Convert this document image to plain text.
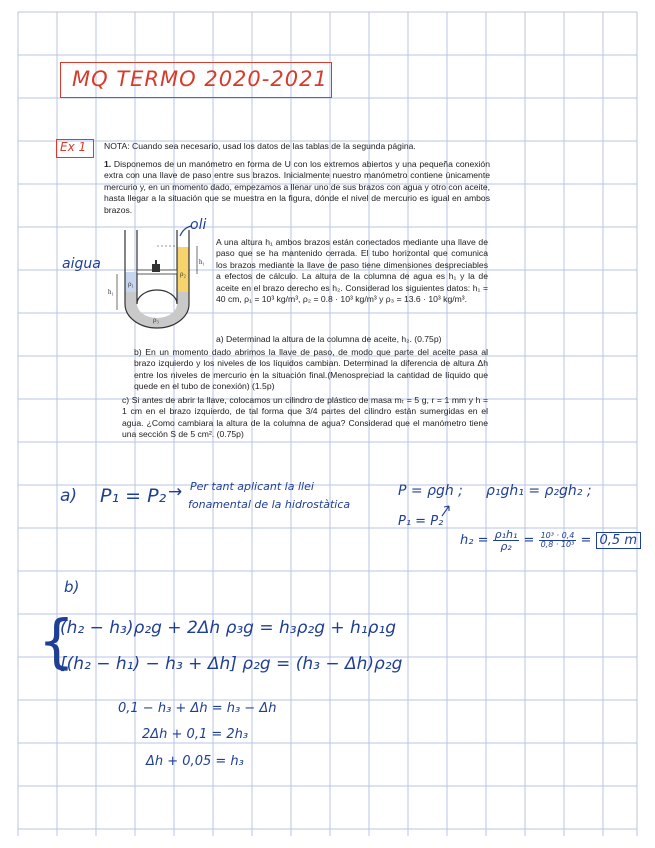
MQ TERMO 2020-2021
Ex 1 NOTA: Cuando sea necesario, usad los datos de las tablas de la segunda página.
1. Disponemos de un manómetro en forma de U con los extremos abiertos y una pequeña conexión extra con una llave de paso entre sus brazos. Inicialmente nuestro manómetro contiene únicamente mercurio y, en un momento dado, empezamos a llenar uno de sus brazos con agua y otro con aceite, hasta llegar a la situación que se muestra en la figura, dónde el nivel de mercurio es igual en ambos brazos.
ρ₁
ρ₂
ρ₃
h₁
h₁
oli
aigua
A una altura h₁ ambos brazos están conectados mediante una llave de paso que se ha mantenido cerrada. El tubo horizontal que comunica los brazos mediante la llave de paso tiene dimensiones despreciables a efectos de cálculo. La altura de la columna de agua es h₁ y la de aceite en el brazo derecho es h₂. Considerad los siguientes datos: h₁ = 40 cm, ρ₁ = 10³ kg/m³, ρ₂ = 0.8 · 10³ kg/m³ y ρ₃ = 13.6 · 10³ kg/m³.
a) Determinad la altura de la columna de aceite, h₂. (0.75p)
b) En un momento dado abrimos la llave de paso, de modo que parte del aceite pasa al brazo izquierdo y los niveles de los líquidos cambian. Determinad la diferencia de altura Δh entre los niveles de mercurio en la situación final.(Menospreciad la cantidad de líquido que quede en el tubo de conexión) (1.5p)
c) Si antes de abrir la llave, colocamos un cilindro de plástico de masa mₜ = 5 g, r = 1 mm y h = 1 cm en el brazo izquierdo, de tal forma que 3/4 partes del cilindro están sumergidas en el agua. ¿Como cambiara la altura de la columna de agua? Considerad que el manómetro tiene una sección S de 5 cm². (0.75p)
a) P₁ = P₂ → Per tant aplicant la llei
fonamental de la hidrostàtica
P = ρgh ; ρ₁gh₁ = ρ₂gh₂ ;
P₁ = P₂
$h_2 = \frac{\text{ρ₁h₁}}{\text{ρ₂}} = \frac{\text{10³ · 0,4}}{\text{0,8 · 10³}} = 0,5$ m
b)
{
(h₂ − h₃)ρ₂g + 2Δh ρ₃g = h₃ρ₂g + h₁ρ₁g
[(h₂ − h₁) − h₃ + Δh] ρ₂g = (h₃ − Δh)ρ₂g
0,1 − h₃ + Δh = h₃ − Δh
2Δh + 0,1 = 2h₃
Δh + 0,05 = h₃
